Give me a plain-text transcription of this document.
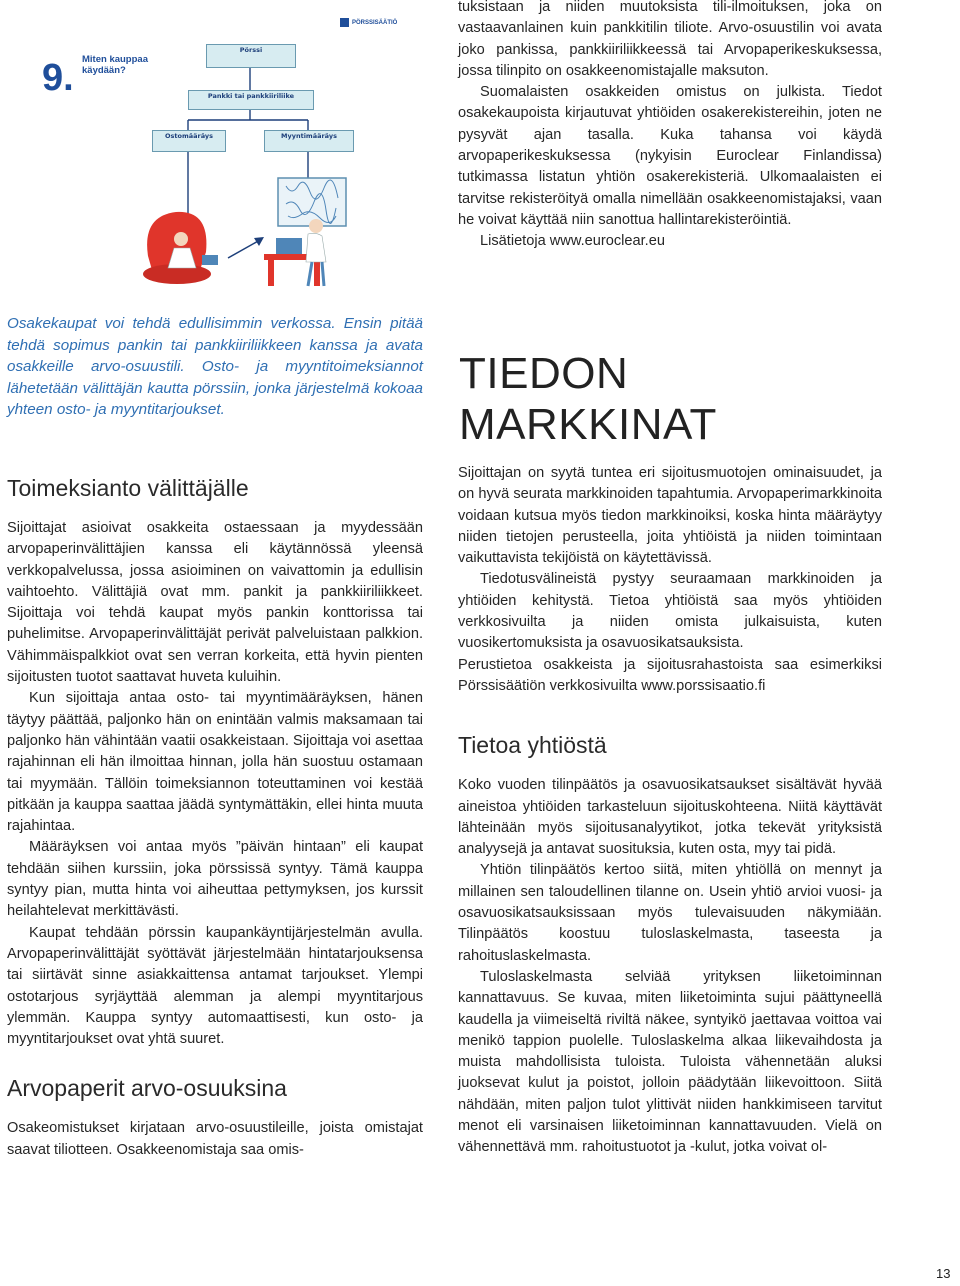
9. Miten kauppaa käydään?
PÖRSSISÄÄTIÖ
Pörssi
Pankki tai pankkiiriliike
Ostomääräys	Myyntimääräys

Osakekaupat voi tehdä edullisimmin verkossa. Ensin pitää tehdä sopimus pankin tai pankkiiriliikkeen kanssa ja avata osakkeille arvo-osuustili. Osto- ja myyntitoimeksiannot lähetetään välittäjän kautta pörssiin, jonka järjestelmä kokoaa yhteen osto- ja myyntitarjoukset.

Toimeksianto välittäjälle

Sijoittajat asioivat osakkeita ostaessaan ja myydessään arvopaperinvälittäjien kanssa eli käytännössä yleensä verkkopalvelussa, jossa asioiminen on vaivattomin ja edullisin vaihtoehto. Välittäjiä ovat mm. pankit ja pankkiiriliikkeet. Sijoittaja voi tehdä kaupat myös pankin konttorissa tai puhelimitse. Arvopaperinvälittäjät perivät palveluistaan palkkion. Vähimmäispalkkiot ovat sen verran korkeita, että hyvin pienten sijoitusten tuotot saattavat huveta kuluihin.

Kun sijoittaja antaa osto- tai myyntimääräyksen, hänen täytyy päättää, paljonko hän on enintään valmis maksamaan tai paljonko hän vähintään vaatii osakkeistaan. Sijoittaja voi asettaa rajahinnan eli hän ilmoittaa hinnan, jolla hän suostuu ostamaan tai myymään. Tällöin toimeksiannon toteuttaminen voi kestää pitkään ja kauppa saattaa jäädä syntymättäkin, ellei hinta muuta rajahintaa.

Määräyksen voi antaa myös ”päivän hintaan” eli kaupat tehdään siihen kurssiin, joka pörssissä syntyy. Tämä kauppa syntyy pian, mutta hinta voi aiheuttaa pettymyksen, jos kurssit heilahtelevat merkittävästi.

Kaupat tehdään pörssin kaupankäyntijärjestelmän avulla. Arvopaperinvälittäjät syöttävät järjestelmään hintatarjouksensa tai siirtävät sinne asiakkaittensa antamat tarjoukset. Ylempi ostotarjous syrjäyttää alemman ja alempi myyntitarjous ylemmän. Kauppa syntyy automaattisesti, kun osto- ja myyntitarjoukset ovat yhtä suuret.

Arvopaperit arvo-osuuksina

Osakeomistukset kirjataan arvo-osuustileille, joista omistajat saavat tiliotteen. Osakkeenomistaja saa omis-

tuksistaan ja niiden muutoksista tili-ilmoituksen, joka on vastaavanlainen kuin pankkitilin tiliote. Arvo-osuustilin voi avata joko pankissa, pankkiiriliikkeessä tai Arvopaperikeskuksessa, jossa tilinpito on osakkeenomistajalle maksuton.

Suomalaisten osakkeiden omistus on julkista. Tiedot osakekaupoista kirjautuvat yhtiöiden osakerekistereihin, joten ne pysyvät ajan tasalla. Kuka tahansa voi käydä arvopaperikeskuksessa (nykyisin Euroclear Finlandissa) tutkimassa listatun yhtiön osakerekisteriä. Ulkomaalaisten ei tarvitse rekisteröityä omalla nimellään osakkeenomistajaksi, vaan he voivat käyttää niin sanottua hallintarekisteröintiä.

Lisätietoja www.euroclear.eu

TIEDON
MARKKINAT

Sijoittajan on syytä tuntea eri sijoitusmuotojen ominaisuudet, ja on hyvä seurata markkinoiden tapahtumia. Arvopaperimarkkinoita voidaan kutsua myös tiedon markkinoiksi, koska hinta määräytyy niiden tietojen perusteella, joita yhtiöistä ja niiden toimintaan vaikuttavista tekijöistä on käytettävissä.

Tiedotusvälineistä pystyy seuraamaan markkinoiden ja yhtiöiden kehitystä. Tietoa yhtiöistä saa myös yhtiöiden verkkosivuilta ja niiden omista julkaisuista, kuten vuosikertomuksista ja osavuosikatsauksista.

Perustietoa osakkeista ja sijoitusrahastoista saa esimerkiksi Pörssisäätiön verkkosivuilta www.porssisaatio.fi

Tietoa yhtiöstä

Koko vuoden tilinpäätös ja osavuosikatsaukset sisältävät hyvää aineistoa yhtiöiden tarkasteluun sijoituskohteena. Niitä käyttävät lähteinään myös sijoitusanalyytikot, jotka tekevät yrityksistä analyysejä ja antavat suosituksia, kuten osta, myy tai pidä.

Yhtiön tilinpäätös kertoo siitä, miten yhtiöllä on mennyt ja millainen sen taloudellinen tilanne on. Usein yhtiö arvioi vuosi- ja osavuosikatsauksissaan myös tulevaisuuden näkymiään. Tilinpäätös koostuu tuloslaskelmasta, taseesta ja rahoituslaskelmasta.

Tuloslaskelmasta selviää yrityksen liiketoiminnan kannattavuus. Se kuvaa, miten liiketoiminta sujui päättyneellä kaudella ja viimeiseltä riviltä näkee, syntyikö jaettavaa voittoa vai menikö tappion puolelle. Tuloslaskelma alkaa liikevaihdosta ja muista mahdollisista tuloista. Tuloista vähennetään aluksi juoksevat kulut ja poistot, jolloin päädytään liikevoittoon. Siitä nähdään, miten paljon tulot ylittivät niiden hankkimiseen tarvitut menot eli varsinaisen liiketoiminnan kannattavuuden. Vielä on vähennettävä mm. rahoitustuotot ja -kulut, jotka voivat ol-

13
